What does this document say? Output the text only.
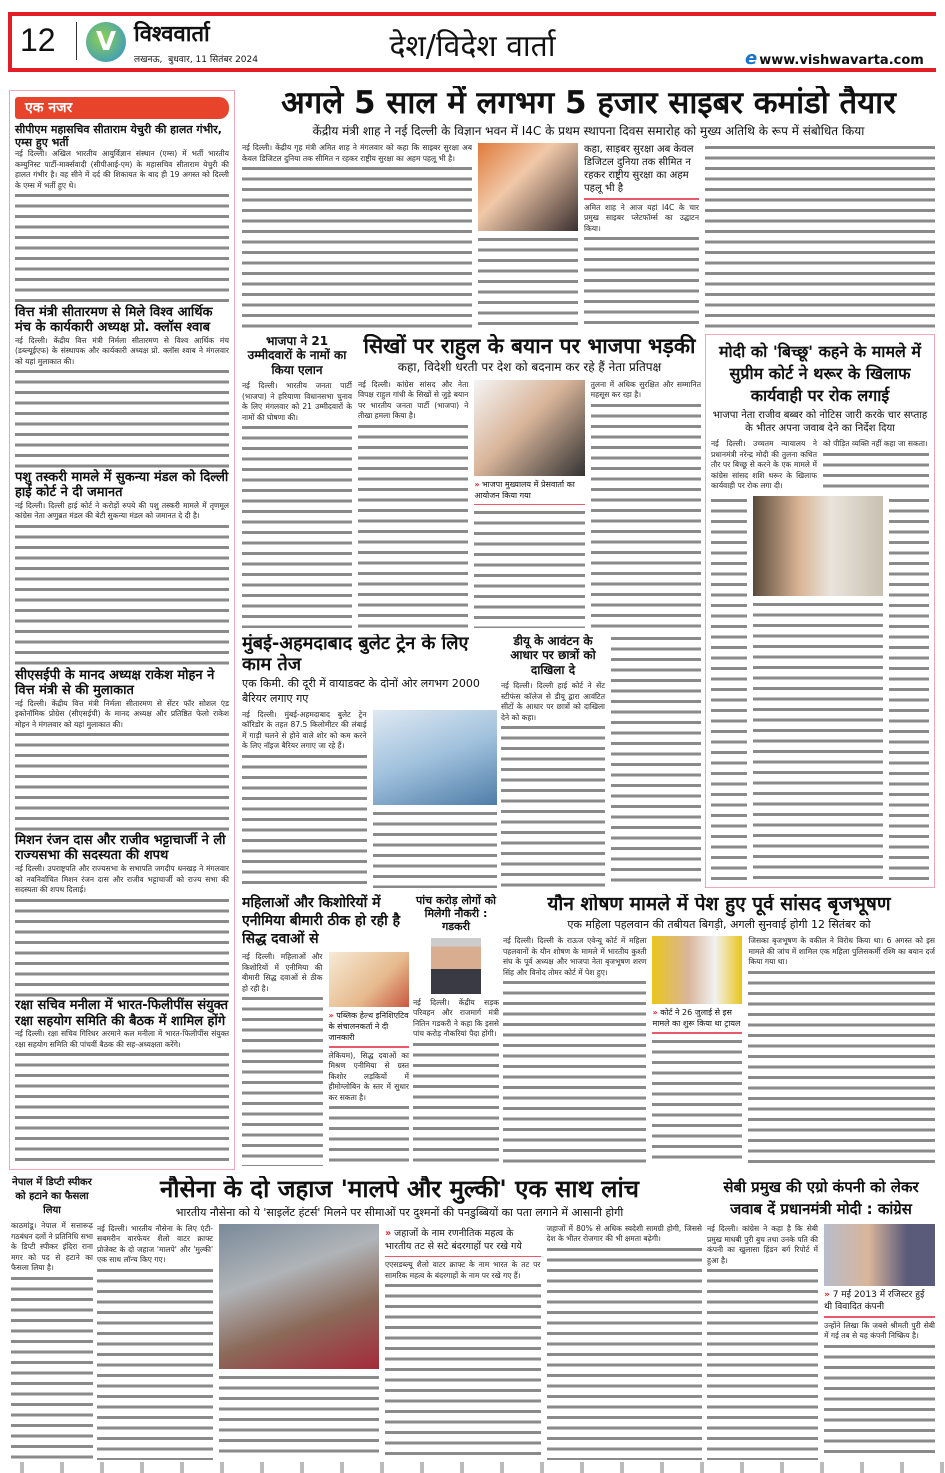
12	V विश्ववार्ता
लखनऊ, बुधवार, 11 सितंबर 2024	देश/विदेश वार्ता	e www.vishwavarta.com
एक नजर
सीपीएम महासचिव सीताराम येचुरी की हालत गंभीर, एम्स हुए भर्ती
नई दिल्ली। अखिल भारतीय आयुर्विज्ञान संस्थान (एम्स) में भर्ती भारतीय कम्युनिस्ट पार्टी-मार्क्सवादी (सीपीआई-एम) के महासचिव सीताराम येचुरी की हालत गंभीर है। वह सीने में दर्द की शिकायत के बाद ही 19 अगस्त को दिल्ली के एम्स में भर्ती हुए थे।
वित्त मंत्री सीतारमण से मिले विश्व आर्थिक मंच के कार्यकारी अध्यक्ष प्रो. क्लॉस श्वाब
नई दिल्ली। केंद्रीय वित्त मंत्री निर्मला सीतारमण से विश्व आर्थिक मंच (डब्ल्यूईएफ) के संस्थापक और कार्यकारी अध्यक्ष प्रो. क्लॉस श्वाब ने मंगलवार को यहां मुलाकात की।
पशु तस्करी मामले में सुकन्या मंडल को दिल्ली हाई कोर्ट ने दी जमानत
नई दिल्ली। दिल्ली हाई कोर्ट ने करोड़ों रुपये की पशु तस्करी मामले में तृणमूल कांग्रेस नेता अणुब्रत मंडल की बेटी सुकन्या मंडल को जमानत दे दी है।
सीएसईपी के मानद अध्यक्ष राकेश मोहन ने वित्त मंत्री से की मुलाकात
नई दिल्ली। केंद्रीय वित्त मंत्री निर्मला सीतारमण से सेंटर फॉर सोशल एंड इकोनॉमिक प्रोग्रेस (सीएसईपी) के मानद अध्यक्ष और प्रतिष्ठित फेलो राकेश मोहन ने मंगलवार को यहां मुलाकात की।
मिशन रंजन दास और राजीव भट्टाचार्जी ने ली राज्यसभा की सदस्यता की शपथ
नई दिल्ली। उपराष्ट्रपति और राज्यसभा के सभापति जगदीप धनखड़ ने मंगलवार को नवनिर्वाचित मिशन रंजन दास और राजीव भट्टाचार्जी को राज्य सभा की सदस्यता की शपथ दिलाई।
रक्षा सचिव मनीला में भारत-फिलीपींस संयुक्त रक्षा सहयोग समिति की बैठक में शामिल होंगे
नई दिल्ली। रक्षा सचिव गिरिधर अरमाने कल मनीला में भारत-फिलीपींस संयुक्त रक्षा सहयोग समिति की पांचवीं बैठक की सह-अध्यक्षता करेंगे।
अगले 5 साल में लगभग 5 हजार साइबर कमांडो तैयार
केंद्रीय मंत्री शाह ने नई दिल्ली के विज्ञान भवन में I4C के प्रथम स्थापना दिवस समारोह को मुख्य अतिथि के रूप में संबोधित किया
नई दिल्ली। केंद्रीय गृह मंत्री अमित शाह ने मंगलवार को कहा कि साइबर सुरक्षा अब केवल डिजिटल दुनिया तक सीमित न रहकर राष्ट्रीय सुरक्षा का अहम पहलू भी है।
कहा, साइबर सुरक्षा अब केवल डिजिटल दुनिया तक सीमित न रहकर राष्ट्रीय सुरक्षा का अहम पहलू भी है
अमित शाह ने आज यहां I4C के चार प्रमुख साइबर प्लेटफॉर्म्स का उद्घाटन किया।
भाजपा ने 21 उम्मीदवारों के नामों का किया एलान
नई दिल्ली। भारतीय जनता पार्टी (भाजपा) ने हरियाणा विधानसभा चुनाव के लिए मंगलवार को 21 उम्मीदवारों के नामों की घोषणा की।
सिखों पर राहुल के बयान पर भाजपा भड़की
कहा, विदेशी धरती पर देश को बदनाम कर रहे हैं नेता प्रतिपक्ष
नई दिल्ली। कांग्रेस सांसद और नेता विपक्ष राहुल गांधी के सिखों से जुड़े बयान पर भारतीय जनता पार्टी (भाजपा) ने तीखा हमला किया है।
» भाजपा मुख्यालय में प्रेसवार्ता का आयोजन किया गया
तुलना में अधिक सुरक्षित और सम्मानित महसूस कर रहा है।
मोदी को 'बिच्छू' कहने के मामले में सुप्रीम कोर्ट ने थरूर के खिलाफ कार्यवाही पर रोक लगाई
भाजपा नेता राजीव बब्बर को नोटिस जारी करके चार सप्ताह के भीतर अपना जवाब देने का निर्देश दिया
नई दिल्ली। उच्चतम न्यायालय ने प्रधानमंत्री नरेन्द्र मोदी की तुलना कथित तौर पर बिच्छू से करने के एक मामले में कांग्रेस सांसद शशि थरूर के खिलाफ कार्यवाही पर रोक लगा दी।
को पीड़ित व्यक्ति नहीं कहा जा सकता।
मुंबई-अहमदाबाद बुलेट ट्रेन के लिए काम तेज
एक किमी. की दूरी में वायाडक्ट के दोनों ओर लगभग 2000 बैरियर लगाए गए
नई दिल्ली। मुंबई-अहमदाबाद बुलेट ट्रेन कॉरिडोर के तहत 87.5 किलोमीटर की लंबाई में गाड़ी चलने से होने वाले शोर को कम करने के लिए नॉइज बैरियर लगाए जा रहे हैं।
डीयू के आवंटन के आधार पर छात्रों को दाखिला दे
नई दिल्ली। दिल्ली हाई कोर्ट ने सेंट स्टीफंस कॉलेज से डीयू द्वारा आवंटित सीटों के आधार पर छात्रों को दाखिला देने को कहा।
महिलाओं और किशोरियों में एनीमिया बीमारी ठीक हो रही है सिद्ध दवाओं से
नई दिल्ली। महिलाओं और किशोरियों में एनीमिया की बीमारी सिद्ध दवाओं से ठीक हो रही है।
» पब्लिक हेल्थ इनिशिएटिव के संचालनकर्ता ने दी जानकारी
लेकियम), सिद्ध दवाओं का मिश्रण एनीमिया से ग्रस्त किशोर लड़कियों में हीमोग्लोबिन के स्तर में सुधार कर सकता है।
पांच करोड़ लोगों को मिलेगी नौकरी : गडकरी
नई दिल्ली। केंद्रीय सड़क परिवहन और राजमार्ग मंत्री नितिन गडकरी ने कहा कि इससे पांच करोड़ नौकरियां पैदा होंगी।
यौन शोषण मामले में पेश हुए पूर्व सांसद बृजभूषण
एक महिला पहलवान की तबीयत बिगड़ी, अगली सुनवाई होगी 12 सितंबर को
नई दिल्ली। दिल्ली के राऊज एवेन्यू कोर्ट में महिला पहलवानों के यौन शोषण के मामले में भारतीय कुश्ती संघ के पूर्व अध्यक्ष और भाजपा नेता बृजभूषण शरण सिंह और विनोद तोमर कोर्ट में पेश हुए।
» कोर्ट ने 26 जुलाई से इस मामले का शुरू किया था ट्रायल
जिसका बृजभूषण के वकील ने विरोध किया था। 6 अगस्त को इस मामले की जांच में शामिल एक महिला पुलिसकर्मी रश्मि का बयान दर्ज किया गया था।
नेपाल में डिप्टी स्पीकर को हटाने का फैसला लिया
काठमांडू। नेपाल में सत्तारूढ़ गठबंधन दलों ने प्रतिनिधि सभा के डिप्टी स्पीकर इंदिरा राना मगर को पद से हटाने का फैसला लिया है।
नौसेना के दो जहाज 'मालपे और मुल्की' एक साथ लांच
भारतीय नौसेना को ये 'साइलेंट हंटर्स' मिलने पर सीमाओं पर दुश्मनों की पनडुब्बियों का पता लगाने में आसानी होगी
नई दिल्ली। भारतीय नौसेना के लिए एंटी-सबमरीन वारफेयर शैलो वाटर क्राफ्ट प्रोजेक्ट के दो जहाज 'मालपे' और 'मुल्की' एक साथ लॉन्च किए गए।
» जहाजों के नाम रणनीतिक महत्व के भारतीय तट से सटे बंदरगाहों पर रखे गये
एएसडब्ल्यू शैलो वाटर क्राफ्ट के नाम भारत के तट पर सामरिक महत्व के बंदरगाहों के नाम पर रखे गए हैं।
जहाजों में 80% से अधिक स्वदेशी सामग्री होगी, जिससे देश के भीतर रोजगार की भी क्षमता बढ़ेगी।
सेबी प्रमुख की एग्रो कंपनी को लेकर जवाब दें प्रधानमंत्री मोदी : कांग्रेस
नई दिल्ली। कांग्रेस ने कहा है कि सेबी प्रमुख माधबी पुरी बुच तथा उनके पति की कंपनी का खुलासा हिंडन बर्ग रिपोर्ट में हुआ है।
» 7 मई 2013 में रजिस्टर हुई थी विवादित कंपनी
उन्होंने लिखा कि जबसे श्रीमती पुरी सेबी में गई तब से यह कंपनी निष्क्रिय है।
